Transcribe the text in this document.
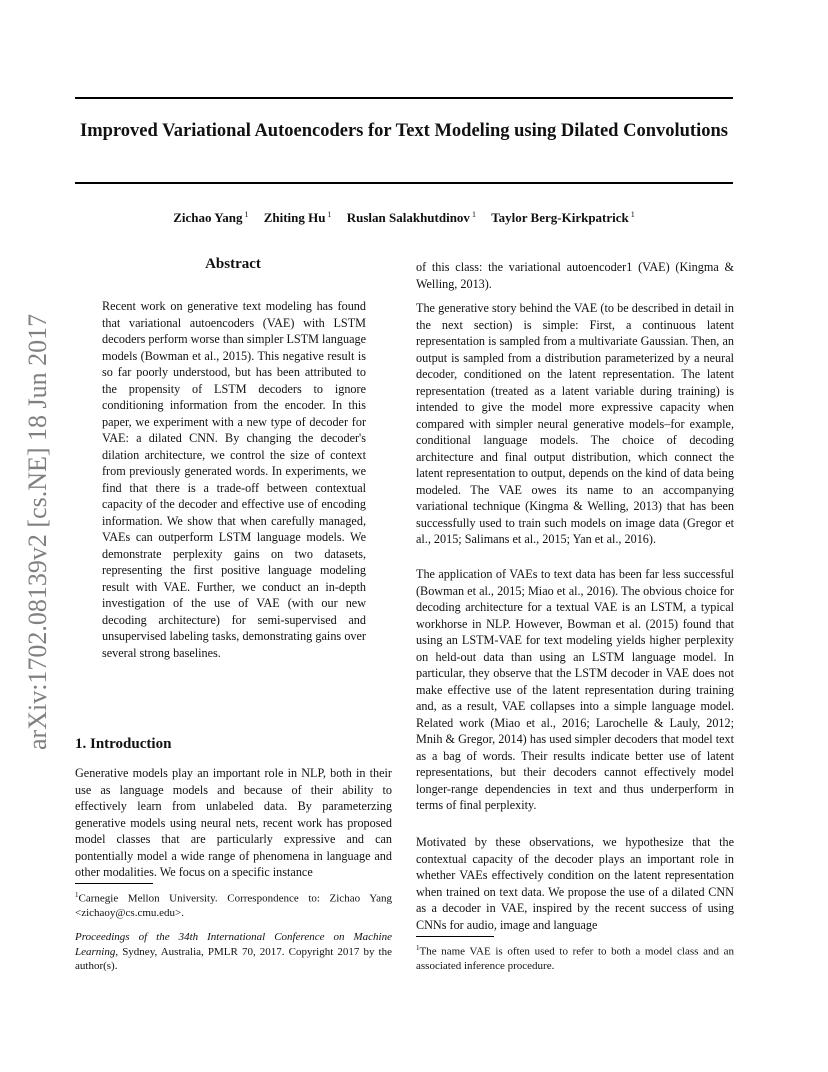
Improved Variational Autoencoders for Text Modeling using Dilated Convolutions
Zichao Yang $^1$ Zhiting Hu $^1$ Ruslan Salakhutdinov $^1$ Taylor Berg-Kirkpatrick $^1$
arXiv:1702.08139v2 [cs.NE] 18 Jun 2017
Abstract

Recent work on generative text modeling has found that variational autoencoders (VAE) with LSTM decoders perform worse than simpler LSTM language models (Bowman et al., 2015). This negative result is so far poorly understood, but has been attributed to the propensity of LSTM decoders to ignore conditioning information from the encoder. In this paper, we experiment with a new type of decoder for VAE: a dilated CNN. By changing the decoder's dilation architecture, we control the size of context from previously generated words. In experiments, we find that there is a trade-off between contextual capacity of the decoder and effective use of encoding information. We show that when carefully managed, VAEs can outperform LSTM language models. We demonstrate perplexity gains on two datasets, representing the first positive language modeling result with VAE. Further, we conduct an in-depth investigation of the use of VAE (with our new decoding architecture) for semi-supervised and unsupervised labeling tasks, demonstrating gains over several strong baselines.

1. Introduction

Generative models play an important role in NLP, both in their use as language models and because of their ability to effectively learn from unlabeled data. By parameterzing generative models using neural nets, recent work has proposed model classes that are particularly expressive and can pontentially model a wide range of phenomena in language and other modalities. We focus on a specific instance

$^1$Carnegie Mellon University. Correspondence to: Zichao Yang <zichaoy@cs.cmu.edu>.

Proceedings of the 34th International Conference on Machine Learning, Sydney, Australia, PMLR 70, 2017. Copyright 2017 by the author(s).

of this class: the variational autoencoder1 (VAE) (Kingma & Welling, 2013).

The generative story behind the VAE (to be described in detail in the next section) is simple: First, a continuous latent representation is sampled from a multivariate Gaussian. Then, an output is sampled from a distribution parameterized by a neural decoder, conditioned on the latent representation. The latent representation (treated as a latent variable during training) is intended to give the model more expressive capacity when compared with simpler neural generative models–for example, conditional language models. The choice of decoding architecture and final output distribution, which connect the latent representation to output, depends on the kind of data being modeled. The VAE owes its name to an accompanying variational technique (Kingma & Welling, 2013) that has been successfully used to train such models on image data (Gregor et al., 2015; Salimans et al., 2015; Yan et al., 2016).

The application of VAEs to text data has been far less successful (Bowman et al., 2015; Miao et al., 2016). The obvious choice for decoding architecture for a textual VAE is an LSTM, a typical workhorse in NLP. However, Bowman et al. (2015) found that using an LSTM-VAE for text modeling yields higher perplexity on held-out data than using an LSTM language model. In particular, they observe that the LSTM decoder in VAE does not make effective use of the latent representation during training and, as a result, VAE collapses into a simple language model. Related work (Miao et al., 2016; Larochelle & Lauly, 2012; Mnih & Gregor, 2014) has used simpler decoders that model text as a bag of words. Their results indicate better use of latent representations, but their decoders cannot effectively model longer-range dependencies in text and thus underperform in terms of final perplexity.

Motivated by these observations, we hypothesize that the contextual capacity of the decoder plays an important role in whether VAEs effectively condition on the latent representation when trained on text data. We propose the use of a dilated CNN as a decoder in VAE, inspired by the recent success of using CNNs for audio, image and language

$^1$The name VAE is often used to refer to both a model class and an associated inference procedure.
